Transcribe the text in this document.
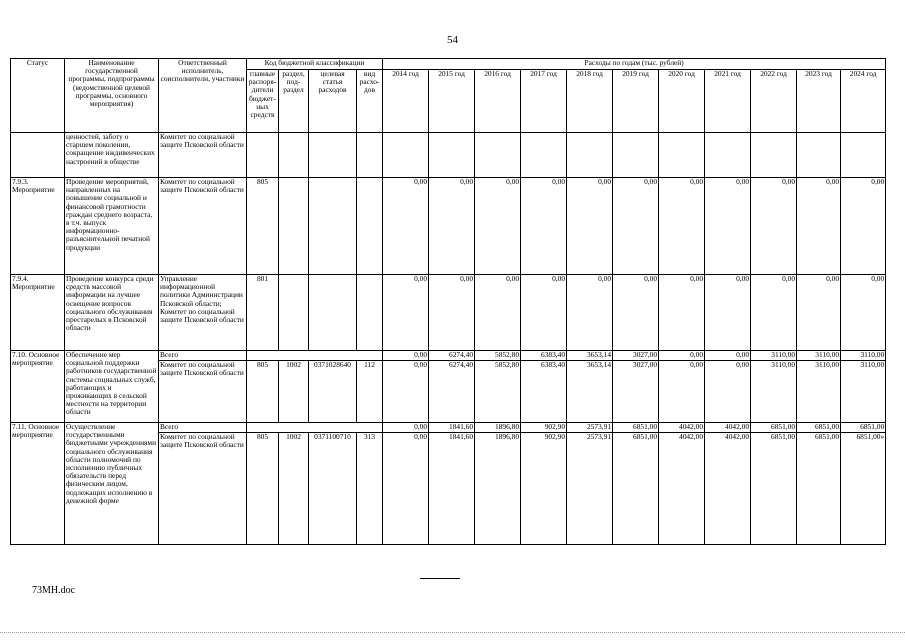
54
Статус	Наименование государственной программы, подпрограммы (ведомственной целевой программы, основного мероприятия)	Ответственный исполнитель, соисполнители, участники	Код бюджетной классификации				Расходы по годам (тыс. рублей)										
			главные распоря- дители бюджет- ных средств	раздел, под- раздел	целевая статья расходов	вид расхо- дов	2014 год	2015 год	2016 год	2017 год	2018 год	2019 год	2020 год	2021 год	2022 год	2023 год	2024 год
	ценностей, заботу о старшем поколении, сокращение иждивенческих настроений в обществе	Комитет по социальной защите Псковской области															
7.9.3. Мероприятие	Проведение мероприятий, направленных на повышение социальной и финансовой грамотности граждан среднего возраста, в т.ч. выпуск информационно-разъяснительной печатной продукции	Комитет по социальной защите Псковской области	805				0,00	0,00	0,00	0,00	0,00	0,00	0,00	0,00	0,00	0,00	0,00
7.9.4. Мероприятие	Проведение конкурса среди средств массовой информации на лучшее освещение вопросов социального обслуживания престарелых в Псковской области	Управление информационной политики Администрации Псковской области; Комитет по социальной защите Псковской области	801				0,00	0,00	0,00	0,00	0,00	0,00	0,00	0,00	0,00	0,00	0,00
7.10. Основное мероприятие	Обеспечение мер социальной поддержки работников государственной системы социальных служб, работающих и проживающих в сельской местности на территории области	Всего					0,00	6274,40	5852,80	6383,40	3653,14	3027,00	0,00	0,00	3110,00	3110,00	3110,00
		Комитет по социальной защите Псковской области	805	1002	0371028640	112	0,00	6274,40	5852,80	6383,40	3653,14	3027,00	0,00	0,00	3110,00	3110,00	3110,00
7.11. Основное мероприятие	Осуществление государственными бюджетными учреждениями социального обслуживания области полномочий по исполнению публичных обязательств перед физическим лицом, подлежащих исполнению в денежной форме	Всего					0,00	1841,60	1896,80	902,90	2573,91	6851,00	4042,00	4042,00	6851,00	6851,00	6851,00
		Комитет по социальной защите Псковской области	805	1002	0371100710	313	0,00	1841,60	1896,80	902,90	2573,91	6851,00	4042,00	4042,00	6851,00	6851,00	6851,00»
73МН.doc
